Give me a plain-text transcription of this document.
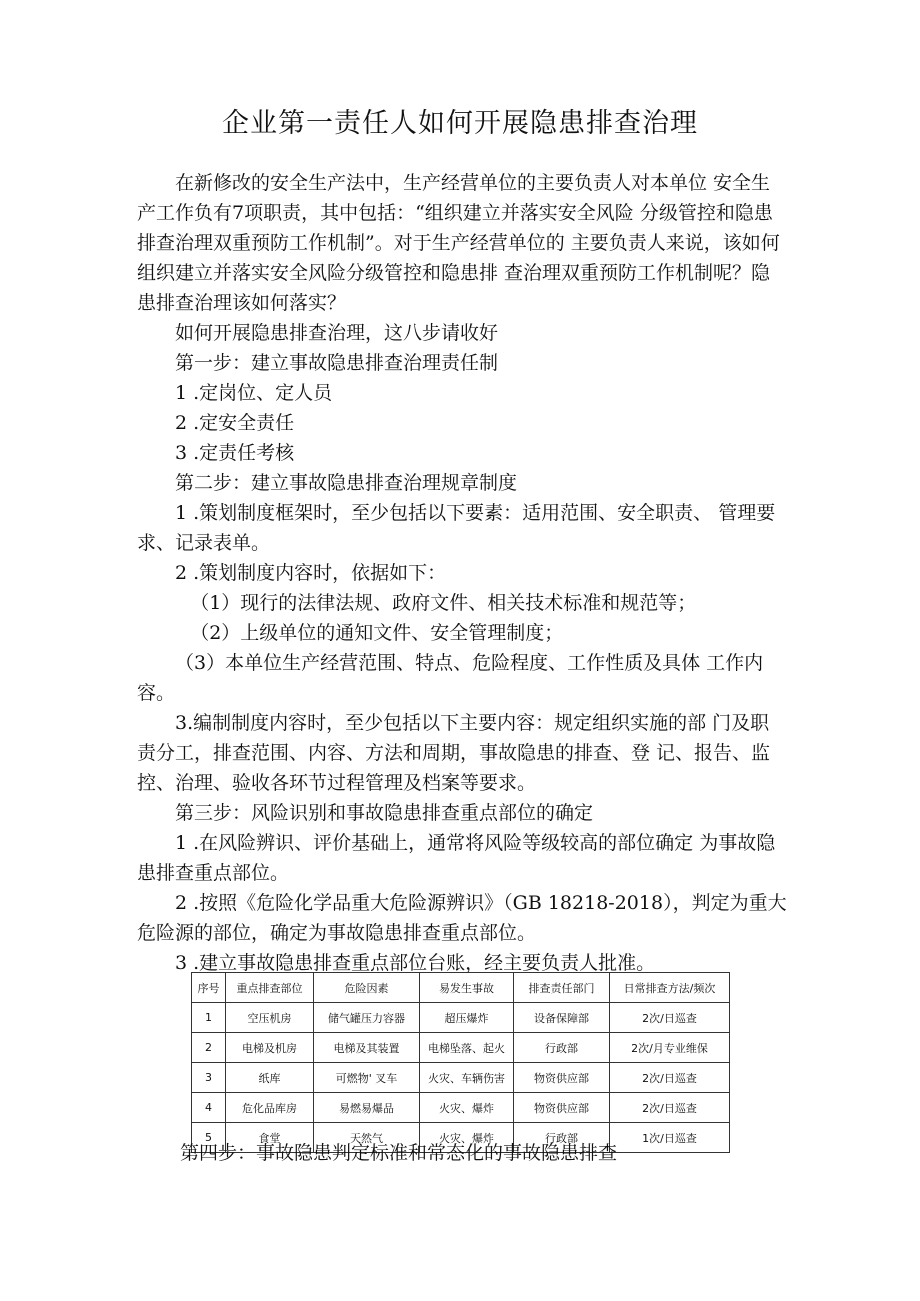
企业第一责任人如何开展隐患排查治理

在新修改的安全生产法中，生产经营单位的主要负责人对本单位 安全生产工作负有7项职责，其中包括：“组织建立并落实安全风险 分级管控和隐患排查治理双重预防工作机制”。对于生产经营单位的 主要负责人来说，该如何组织建立并落实安全风险分级管控和隐患排 查治理双重预防工作机制呢？隐患排查治理该如何落实？

如何开展隐患排查治理，这八步请收好

第一步：建立事故隐患排查治理责任制

1 .定岗位、定人员

2 .定安全责任

3 .定责任考核

第二步：建立事故隐患排查治理规章制度

1 .策划制度框架时，至少包括以下要素：适用范围、安全职责、 管理要求、记录表单。

2 .策划制度内容时，依据如下：

（1）现行的法律法规、政府文件、相关技术标准和规范等；

（2）上级单位的通知文件、安全管理制度；

（3）本单位生产经营范围、特点、危险程度、工作性质及具体 工作内容。

3.编制制度内容时，至少包括以下主要内容：规定组织实施的部 门及职责分工，排查范围、内容、方法和周期，事故隐患的排查、登 记、报告、监控、治理、验收各环节过程管理及档案等要求。

第三步：风险识别和事故隐患排查重点部位的确定

1 .在风险辨识、评价基础上，通常将风险等级较高的部位确定 为事故隐患排查重点部位。

2 .按照《危险化学品重大危险源辨识》（GB 18218-2018），判定为重大危险源的部位，确定为事故隐患排查重点部位。

3 .建立事故隐患排查重点部位台账，经主要负责人批准。

序号	重点排查部位	危险因素	易发生事故	排查责任部门	日常排查方法/频次
1	空压机房	储气罐压力容器	超压爆炸	设备保障部	2次/日巡查
2	电梯及机房	电梯及其装置	电梯坠落、起火	行政部	2次/月专业维保
3	纸库	可燃物' 叉车	火灾、车辆伤害	物资供应部	2次/日巡查
4	危化品库房	易燃易爆品	火灾、爆炸	物资供应部	2次/日巡查
5	食堂	天然气	火灾、爆炸	行政部	1次/日巡查
第四步：事故隐患判定标准和常态化的事故隐患排查
